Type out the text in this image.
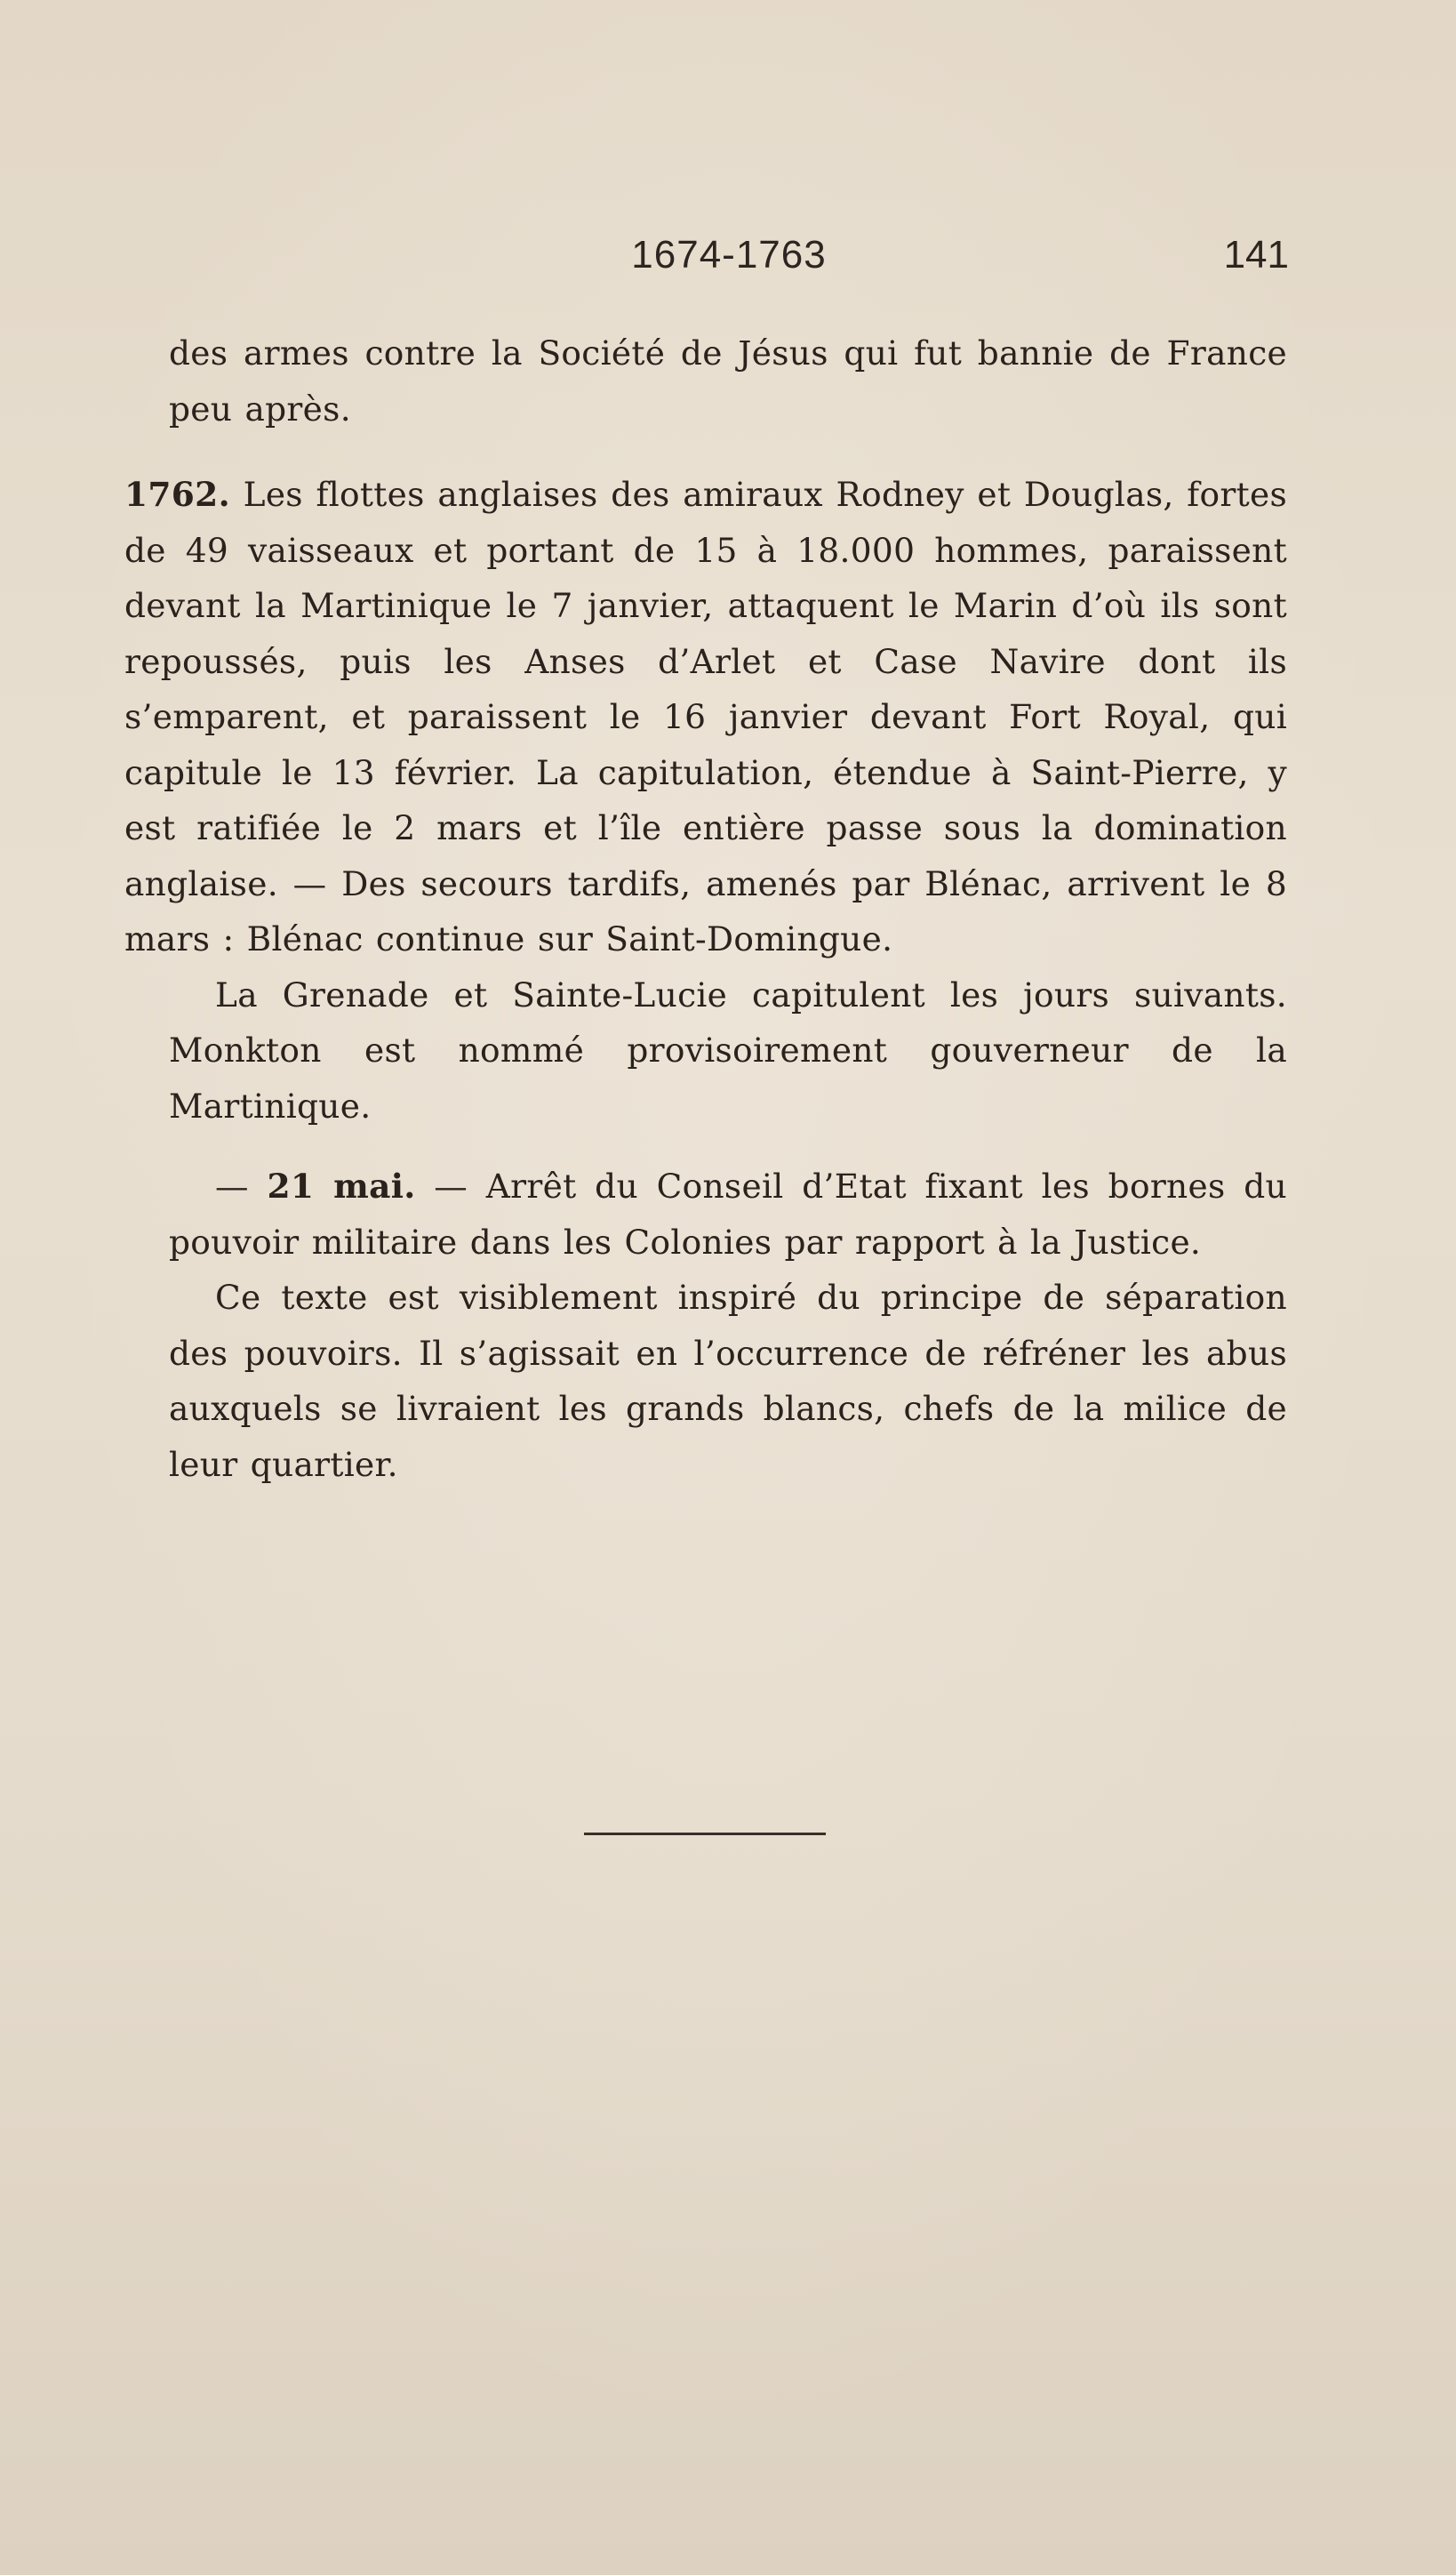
1674-1763	141

des armes contre la Société de Jésus qui fut bannie de France peu après.

1762. Les flottes anglaises des amiraux Rodney et Douglas, fortes de 49 vaisseaux et portant de 15 à 18.000 hommes, paraissent devant la Martinique le 7 janvier, attaquent le Marin d’où ils sont repoussés, puis les Anses d’Arlet et Case Navire dont ils s’emparent, et paraissent le 16 janvier devant Fort Royal, qui capitule le 13 février. La capitulation, étendue à Saint-Pierre, y est ratifiée le 2 mars et l’île entière passe sous la domination anglaise. — Des secours tardifs, amenés par Blénac, arrivent le 8 mars : Blénac continue sur Saint-Domingue.

La Grenade et Sainte-Lucie capitulent les jours suivants. Monkton est nommé provisoirement gouverneur de la Martinique.

— 21 mai. — Arrêt du Conseil d’Etat fixant les bornes du pouvoir militaire dans les Colonies par rapport à la Justice.

Ce texte est visiblement inspiré du principe de séparation des pouvoirs. Il s’agissait en l’occurrence de réfréner les abus auxquels se livraient les grands blancs, chefs de la milice de leur quartier.
